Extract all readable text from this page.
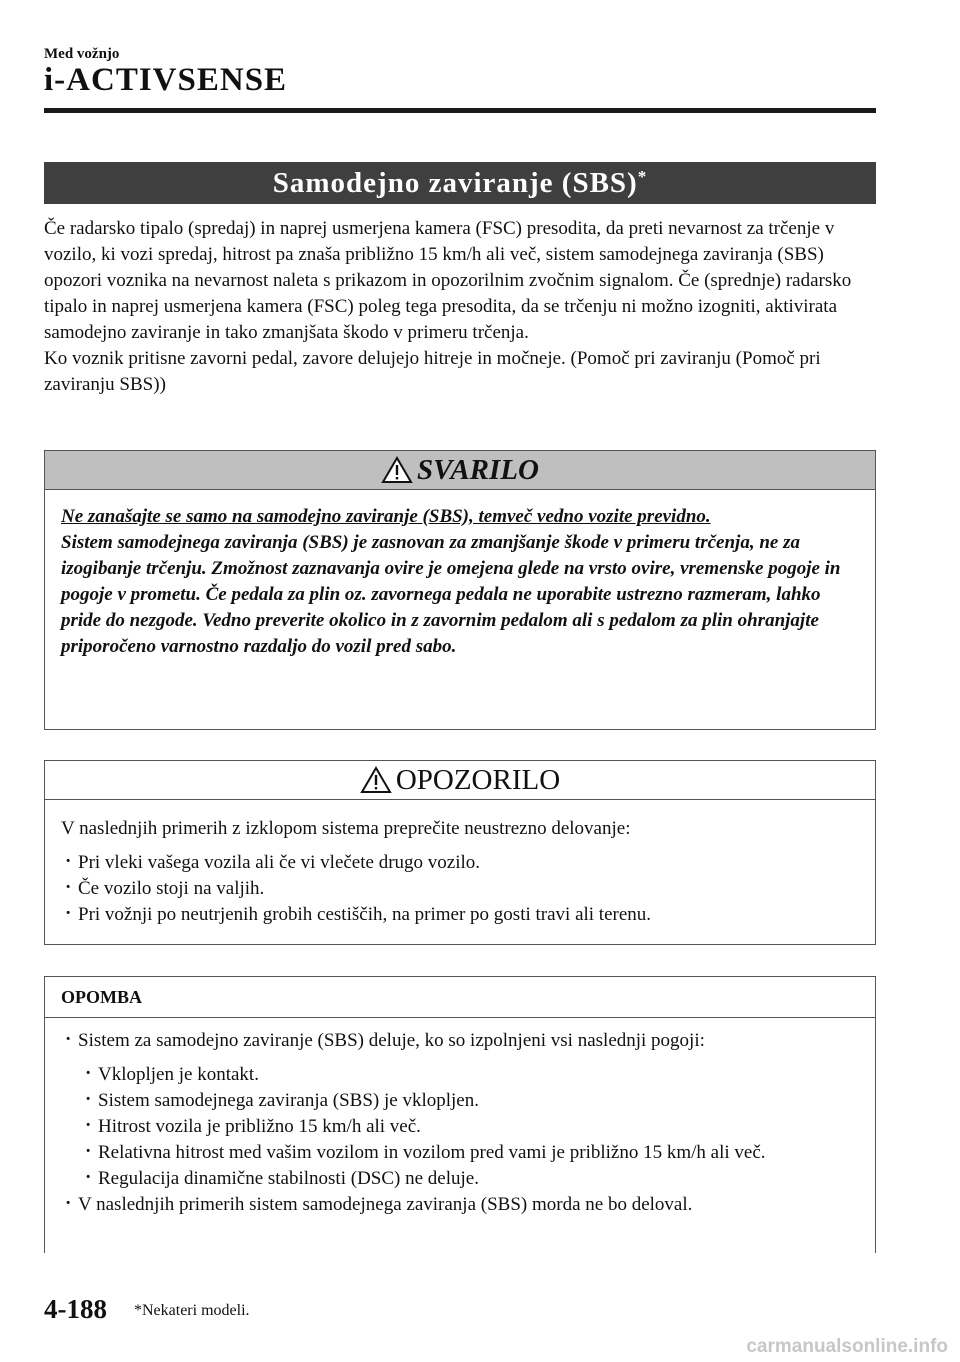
Med vožnjo
i-ACTIVSENSE
Samodejno zaviranje (SBS)*
Če radarsko tipalo (spredaj) in naprej usmerjena kamera (FSC) presodita, da preti nevarnost za trčenje v vozilo, ki vozi spredaj, hitrost pa znaša približno 15 km/h ali več, sistem samodejnega zaviranja (SBS) opozori voznika na nevarnost naleta s prikazom in opozorilnim zvočnim signalom. Če (sprednje) radarsko tipalo in naprej usmerjena kamera (FSC) poleg tega presodita, da se trčenju ni možno izogniti, aktivirata samodejno zaviranje in tako zmanjšata škodo v primeru trčenja.
Ko voznik pritisne zavorni pedal, zavore delujejo hitreje in močneje. (Pomoč pri zaviranju (Pomoč pri zaviranju SBS))
SVARILO
Ne zanašajte se samo na samodejno zaviranje (SBS), temveč vedno vozite previdno.
Sistem samodejnega zaviranja (SBS) je zasnovan za zmanjšanje škode v primeru trčenja, ne za izogibanje trčenju. Zmožnost zaznavanja ovire je omejena glede na vrsto ovire, vremenske pogoje in pogoje v prometu. Če pedala za plin oz. zavornega pedala ne uporabite ustrezno razmeram, lahko pride do nezgode. Vedno preverite okolico in z zavornim pedalom ali s pedalom za plin ohranjajte priporočeno varnostno razdaljo do vozil pred sabo.
OPOZORILO
V naslednjih primerih z izklopom sistema preprečite neustrezno delovanje:
· Pri vleki vašega vozila ali če vi vlečete drugo vozilo.
· Če vozilo stoji na valjih.
· Pri vožnji po neutrjenih grobih cestiščih, na primer po gosti travi ali terenu.
OPOMBA
· Sistem za samodejno zaviranje (SBS) deluje, ko so izpolnjeni vsi naslednji pogoji:
· Vklopljen je kontakt.
· Sistem samodejnega zaviranja (SBS) je vklopljen.
· Hitrost vozila je približno 15 km/h ali več.
· Relativna hitrost med vašim vozilom in vozilom pred vami je približno 15 km/h ali več.
· Regulacija dinamične stabilnosti (DSC) ne deluje.
· V naslednjih primerih sistem samodejnega zaviranja (SBS) morda ne bo deloval.
4-188 *Nekateri modeli.
carmanualsonline.info
